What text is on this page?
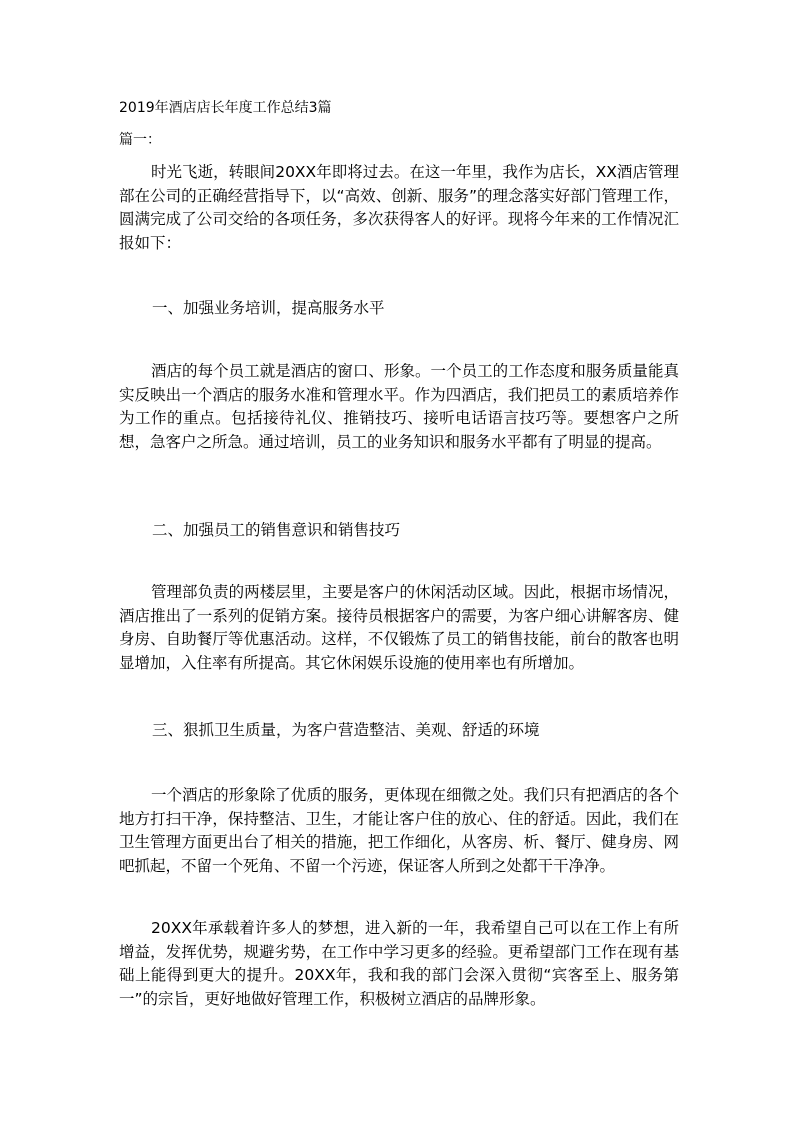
2019年酒店店长年度工作总结3篇
篇一：

时光飞逝，转眼间20XX年即将过去。在这一年里，我作为店长，XX酒店管理部在公司的正确经营指导下，以“高效、创新、服务”的理念落实好部门管理工作，圆满完成了公司交给的各项任务，多次获得客人的好评。现将今年来的工作情况汇报如下：

一、加强业务培训，提高服务水平

酒店的每个员工就是酒店的窗口、形象。一个员工的工作态度和服务质量能真实反映出一个酒店的服务水准和管理水平。作为四酒店，我们把员工的素质培养作为工作的重点。包括接待礼仪、推销技巧、接听电话语言技巧等。要想客户之所想，急客户之所急。通过培训，员工的业务知识和服务水平都有了明显的提高。

二、加强员工的销售意识和销售技巧

管理部负责的两楼层里，主要是客户的休闲活动区域。因此，根据市场情况，酒店推出了一系列的促销方案。接待员根据客户的需要，为客户细心讲解客房、健身房、自助餐厅等优惠活动。这样，不仅锻炼了员工的销售技能，前台的散客也明显增加，入住率有所提高。其它休闲娱乐设施的使用率也有所增加。

三、狠抓卫生质量，为客户营造整洁、美观、舒适的环境

一个酒店的形象除了优质的服务，更体现在细微之处。我们只有把酒店的各个地方打扫干净，保持整洁、卫生，才能让客户住的放心、住的舒适。因此，我们在卫生管理方面更出台了相关的措施，把工作细化，从客房、析、餐厅、健身房、网吧抓起，不留一个死角、不留一个污迹，保证客人所到之处都干干净净。

20XX年承载着许多人的梦想，进入新的一年，我希望自己可以在工作上有所增益，发挥优势，规避劣势，在工作中学习更多的经验。更希望部门工作在现有基础上能得到更大的提升。20XX年，我和我的部门会深入贯彻“宾客至上、服务第一”的宗旨，更好地做好管理工作，积极树立酒店的品牌形象。
